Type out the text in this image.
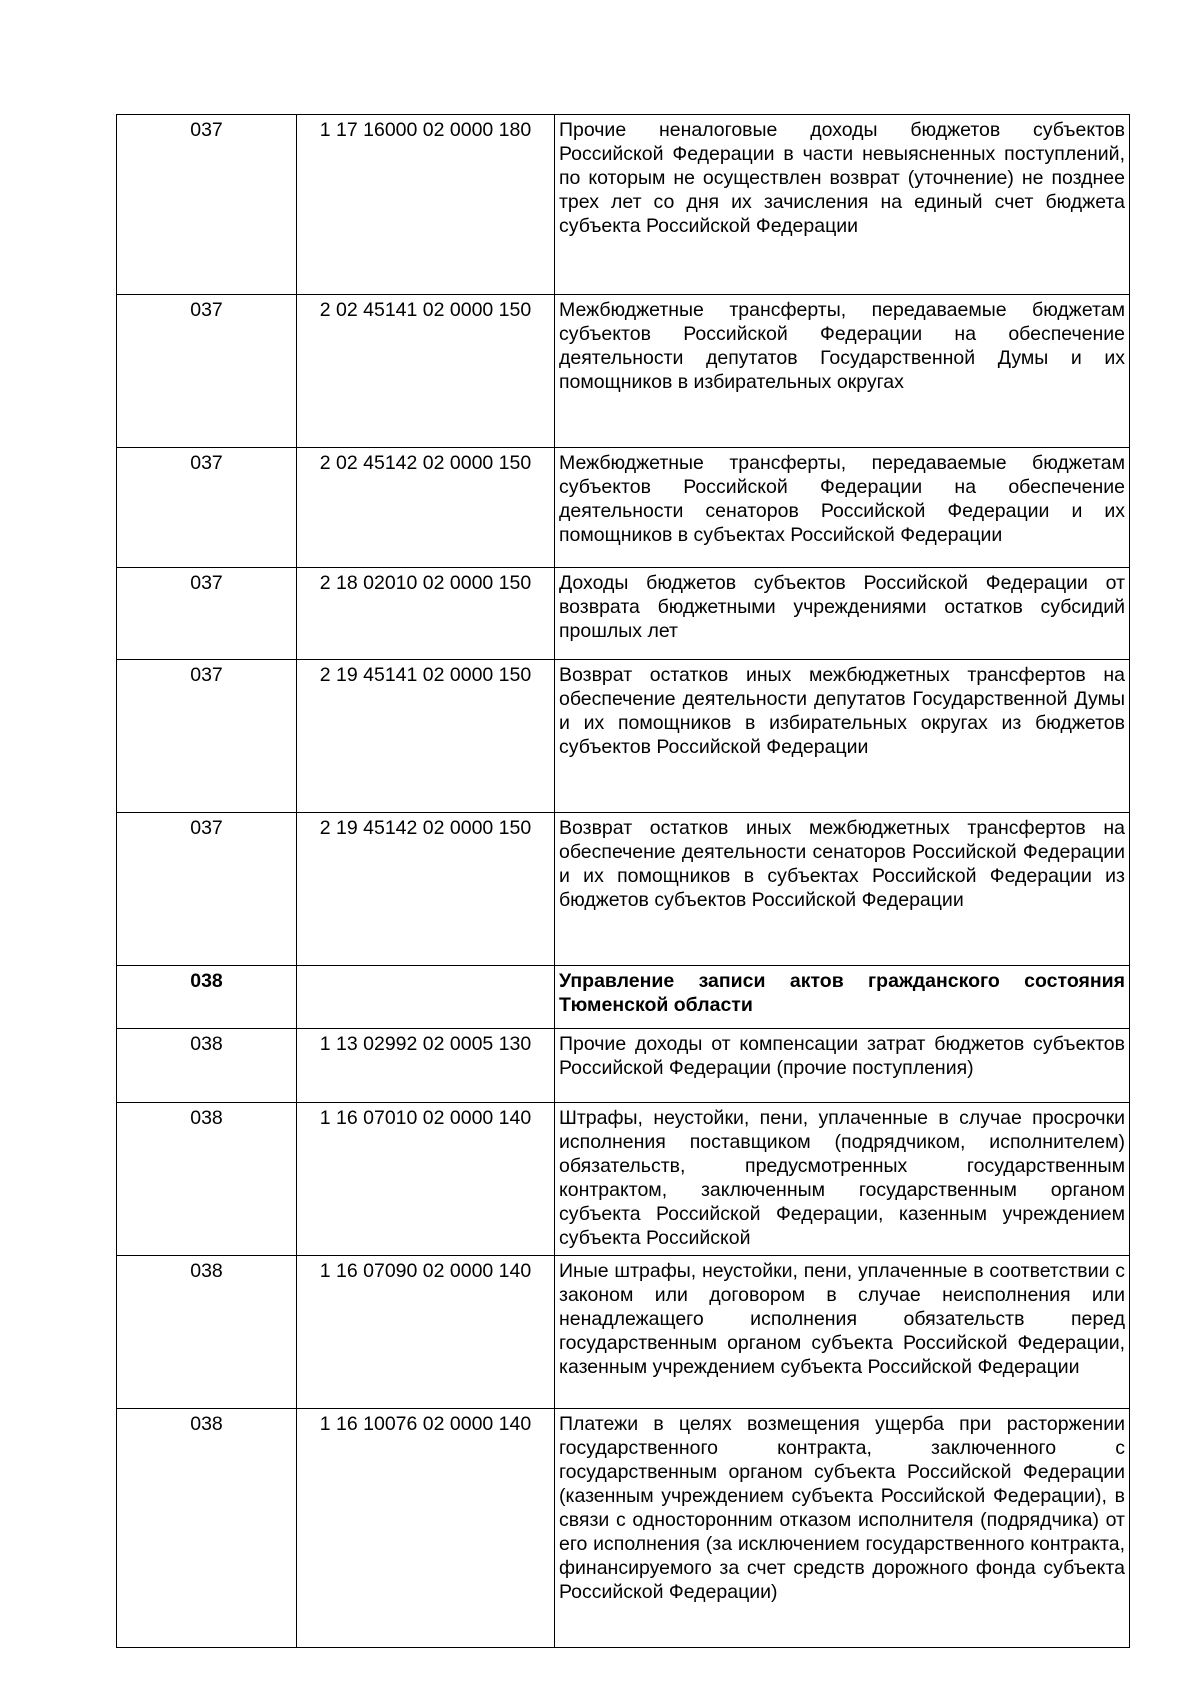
037	1 17 16000 02 0000 180	Прочие неналоговые доходы бюджетов субъектов Российской Федерации в части невыясненных поступлений, по которым не осуществлен возврат (уточнение) не позднее трех лет со дня их зачисления на единый счет бюджета субъекта Российской Федерации
037	2 02 45141 02 0000 150	Межбюджетные трансферты, передаваемые бюджетам субъектов Российской Федерации на обеспечение деятельности депутатов Государственной Думы и их помощников в избирательных округах
037	2 02 45142 02 0000 150	Межбюджетные трансферты, передаваемые бюджетам субъектов Российской Федерации на обеспечение деятельности сенаторов Российской Федерации и их помощников в субъектах Российской Федерации
037	2 18 02010 02 0000 150	Доходы бюджетов субъектов Российской Федерации от возврата бюджетными учреждениями остатков субсидий прошлых лет
037	2 19 45141 02 0000 150	Возврат остатков иных межбюджетных трансфертов на обеспечение деятельности депутатов Государственной Думы и их помощников в избирательных округах из бюджетов субъектов Российской Федерации
037	2 19 45142 02 0000 150	Возврат остатков иных межбюджетных трансфертов на обеспечение деятельности сенаторов Российской Федерации и их помощников в субъектах Российской Федерации из бюджетов субъектов Российской Федерации
038		Управление записи актов гражданского состояния Тюменской области
038	1 13 02992 02 0005 130	Прочие доходы от компенсации затрат бюджетов субъектов Российской Федерации (прочие поступления)

038	1 16 07010 02 0000 140	Штрафы, неустойки, пени, уплаченные в случае просрочки исполнения поставщиком (подрядчиком, исполнителем) обязательств, предусмотренных государственным контрактом, заключенным государственным органом субъекта Российской Федерации, казенным учреждением субъекта Российской

038	1 16 07090 02 0000 140	Иные штрафы, неустойки, пени, уплаченные в соответствии с законом или договором в случае неисполнения или ненадлежащего исполнения обязательств перед государственным органом субъекта Российской Федерации, казенным учреждением субъекта Российской Федерации
038	1 16 10076 02 0000 140	Платежи в целях возмещения ущерба при расторжении государственного контракта, заключенного с государственным органом субъекта Российской Федерации (казенным учреждением субъекта Российской Федерации), в связи с односторонним отказом исполнителя (подрядчика) от его исполнения (за исключением государственного контракта, финансируемого за счет средств дорожного фонда субъекта Российской Федерации)
